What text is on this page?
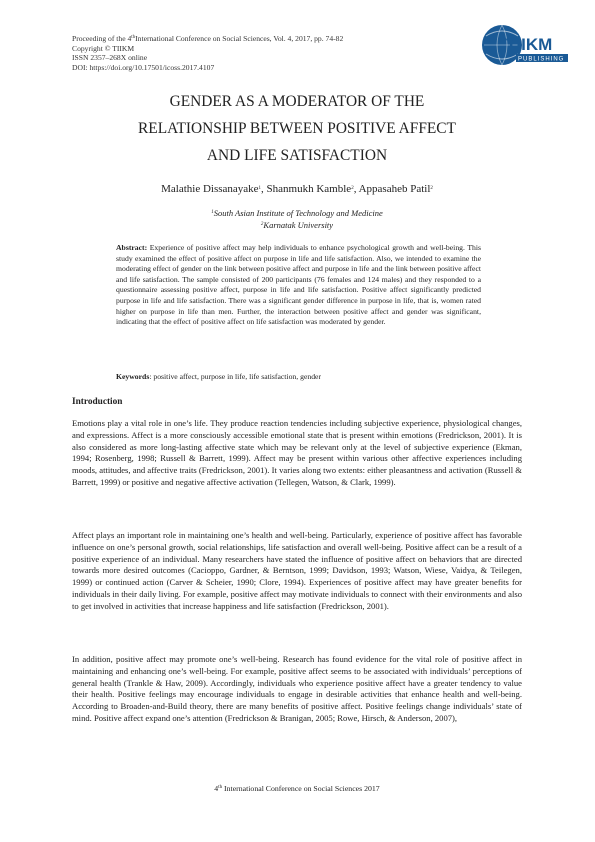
Proceeding of the 4thInternational Conference on Social Sciences, Vol. 4, 2017, pp. 74-82
Copyright © TIIKM
ISSN 2357–268X online
DOI: https://doi.org/10.17501/icoss.2017.4107
TIIKM
PUBLISHING
GENDER AS A MODERATOR OF THE
RELATIONSHIP BETWEEN POSITIVE AFFECT
AND LIFE SATISFACTION
Malathie Dissanayake$^1$, Shanmukh Kamble$^2$, Appasaheb Patil$^2$
$^1$South Asian Institute of Technology and Medicine
$^2$Karnatak University
Abstract: Experience of positive affect may help individuals to enhance psychological growth and well-being. This study examined the effect of positive affect on purpose in life and life satisfaction. Also, we intended to examine the moderating effect of gender on the link between positive affect and purpose in life and the link between positive affect and life satisfaction. The sample consisted of 200 participants (76 females and 124 males) and they responded to a questionnaire assessing positive affect, purpose in life and life satisfaction. Positive affect significantly predicted purpose in life and life satisfaction. There was a significant gender difference in purpose in life, that is, women rated higher on purpose in life than men. Further, the interaction between positive affect and gender was significant, indicating that the effect of positive affect on life satisfaction was moderated by gender.
Keywords: positive affect, purpose in life, life satisfaction, gender
Introduction
Emotions play a vital role in one’s life. They produce reaction tendencies including subjective experience, physiological changes, and expressions. Affect is a more consciously accessible emotional state that is present within emotions (Fredrickson, 2001). It is also considered as more long-lasting affective state which may be relevant only at the level of subjective experience (Ekman, 1994; Rosenberg, 1998; Russell & Barrett, 1999). Affect may be present within various other affective experiences including moods, attitudes, and affective traits (Fredrickson, 2001). It varies along two extents: either pleasantness and activation (Russell & Barrett, 1999) or positive and negative affective activation (Tellegen, Watson, & Clark, 1999).
Affect plays an important role in maintaining one’s health and well-being. Particularly, experience of positive affect has favorable influence on one’s personal growth, social relationships, life satisfaction and overall well-being. Positive affect can be a result of a positive experience of an individual. Many researchers have stated the influence of positive affect on behaviors that are directed towards more desired outcomes (Cacioppo, Gardner, & Berntson, 1999; Davidson, 1993; Watson, Wiese, Vaidya, & Teilegen, 1999) or continued action (Carver & Scheier, 1990; Clore, 1994). Experiences of positive affect may have greater benefits for individuals in their daily living. For example, positive affect may motivate individuals to connect with their environments and also to get involved in activities that increase happiness and life satisfaction (Fredrickson, 2001).
In addition, positive affect may promote one’s well-being. Research has found evidence for the vital role of positive affect in maintaining and enhancing one’s well-being. For example, positive affect seems to be associated with individuals’ perceptions of general health (Trankle & Haw, 2009). Accordingly, individuals who experience positive affect have a greater tendency to value their health. Positive feelings may encourage individuals to engage in desirable activities that enhance health and well-being. According to Broaden-and-Build theory, there are many benefits of positive affect. Positive feelings change individuals’ state of mind. Positive affect expand one’s attention (Fredrickson & Branigan, 2005; Rowe, Hirsch, & Anderson, 2007),
4th International Conference on Social Sciences 2017
